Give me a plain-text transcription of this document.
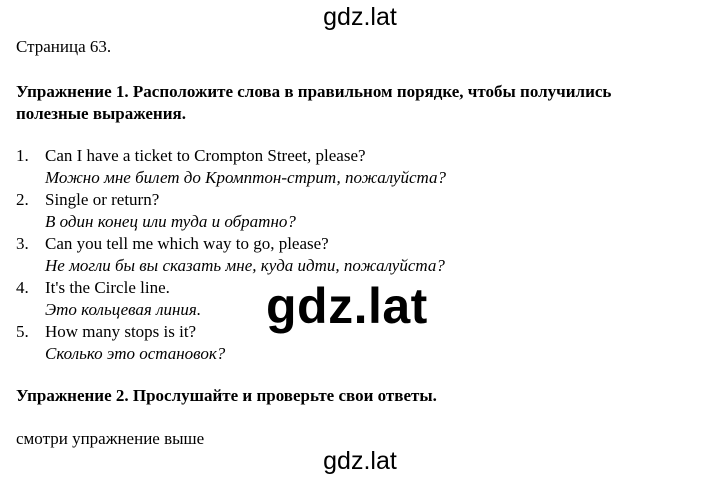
gdz.lat
Страница 63.
Упражнение 1. Расположите слова в правильном порядке, чтобы получились полезные выражения.
1. Can I have a ticket to Crompton Street, please?
Можно мне билет до Кромптон-стрит, пожалуйста?
2. Single or return?
В один конец или туда и обратно?
3. Can you tell me which way to go, please?
Не могли бы вы сказать мне, куда идти, пожалуйста?
4. It's the Circle line.
Это кольцевая линия.
5. How many stops is it?
Сколько это остановок?
gdz.lat
Упражнение 2. Прослушайте и проверьте свои ответы.
смотри упражнение выше
gdz.lat
